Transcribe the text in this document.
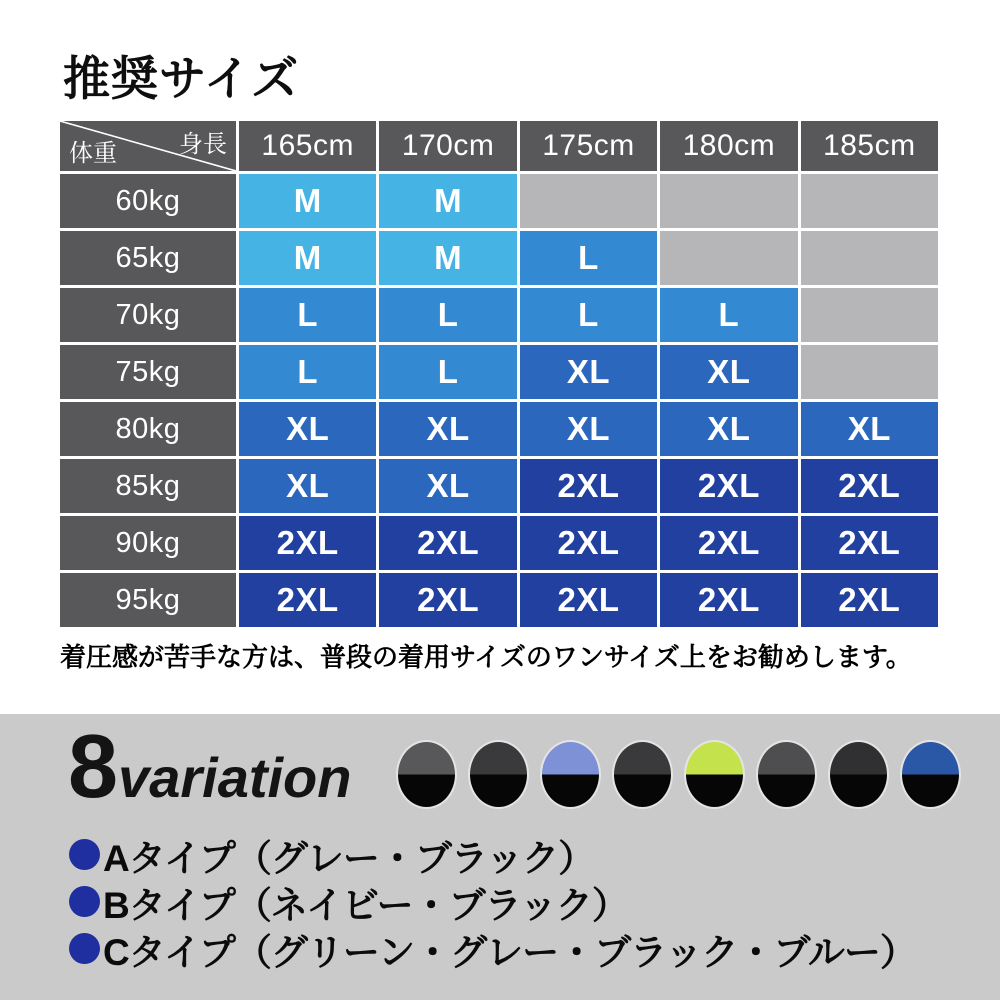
推奨サイズ
身長
体重	165cm	170cm	175cm	180cm	185cm
60kg	M	M
65kg	M	M	L
70kg	L	L	L	L
75kg	L	L	XL	XL
80kg	XL	XL	XL	XL	XL
85kg	XL	XL	2XL	2XL	2XL
90kg	2XL	2XL	2XL	2XL	2XL
95kg	2XL	2XL	2XL	2XL	2XL

着圧感が苦手な方は、普段の着用サイズのワンサイズ上をお勧めします。

8 variation
Aタイプ（グレー・ブラック）
Bタイプ（ネイビー・ブラック）
Cタイプ（グリーン・グレー・ブラック・ブルー）
